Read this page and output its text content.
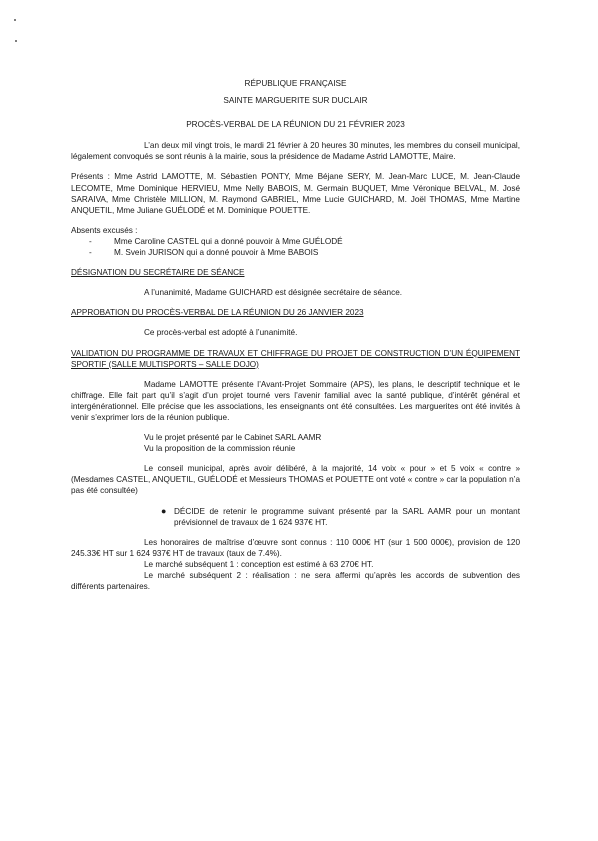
RÉPUBLIQUE FRANÇAISE
SAINTE MARGUERITE SUR DUCLAIR
PROCÈS-VERBAL DE LA RÉUNION DU 21 FÉVRIER 2023
L’an deux mil vingt trois, le mardi 21 février à 20 heures 30 minutes, les membres du conseil municipal, légalement convoqués se sont réunis à la mairie, sous la présidence de Madame Astrid LAMOTTE, Maire.
Présents : Mme Astrid LAMOTTE, M. Sébastien PONTY, Mme Béjane SERY, M. Jean-Marc LUCE, M. Jean-Claude LECOMTE, Mme Dominique HERVIEU, Mme Nelly BABOIS, M. Germain BUQUET, Mme Véronique BELVAL, M. José SARAIVA, Mme Christèle MILLION, M. Raymond GABRIEL, Mme Lucie GUICHARD, M. Joël THOMAS, Mme Martine ANQUETIL, Mme Juliane GUÉLODÉ et M. Dominique POUETTE.
Absents excusés :
- Mme Caroline CASTEL qui a donné pouvoir à Mme GUÉLODÉ
- M. Svein JURISON qui a donné pouvoir à Mme BABOIS
DÉSIGNATION DU SECRÉTAIRE DE SÉANCE
A l’unanimité, Madame GUICHARD est désignée secrétaire de séance.
APPROBATION DU PROCÈS-VERBAL DE LA RÉUNION DU 26 JANVIER 2023
Ce procès-verbal est adopté à l’unanimité.
VALIDATION DU PROGRAMME DE TRAVAUX ET CHIFFRAGE DU PROJET DE CONSTRUCTION D’UN ÉQUIPEMENT SPORTIF (SALLE MULTISPORTS – SALLE DOJO)
Madame LAMOTTE présente l’Avant-Projet Sommaire (APS), les plans, le descriptif technique et le chiffrage. Elle fait part qu’il s’agit d’un projet tourné vers l’avenir familial avec la santé publique, d’intérêt général et intergénérationnel. Elle précise que les associations, les enseignants ont été consultées. Les marguerites ont été invités à venir s’exprimer lors de la réunion publique.
Vu le projet présenté par le Cabinet SARL AAMR
Vu la proposition de la commission réunie
Le conseil municipal, après avoir délibéré, à la majorité, 14 voix « pour » et 5 voix « contre » (Mesdames CASTEL, ANQUETIL, GUÉLODÉ et Messieurs THOMAS et POUETTE ont voté « contre » car la population n’a pas été consultée)
● DÉCIDE de retenir le programme suivant présenté par la SARL AAMR pour un montant prévisionnel de travaux de 1 624 937€ HT.
Les honoraires de maîtrise d’œuvre sont connus : 110 000€ HT (sur 1 500 000€), provision de 120 245.33€ HT sur 1 624 937€ HT de travaux (taux de 7.4%).
Le marché subséquent 1 : conception est estimé à 63 270€ HT.
Le marché subséquent 2 : réalisation : ne sera affermi qu’après les accords de subvention des différents partenaires.
